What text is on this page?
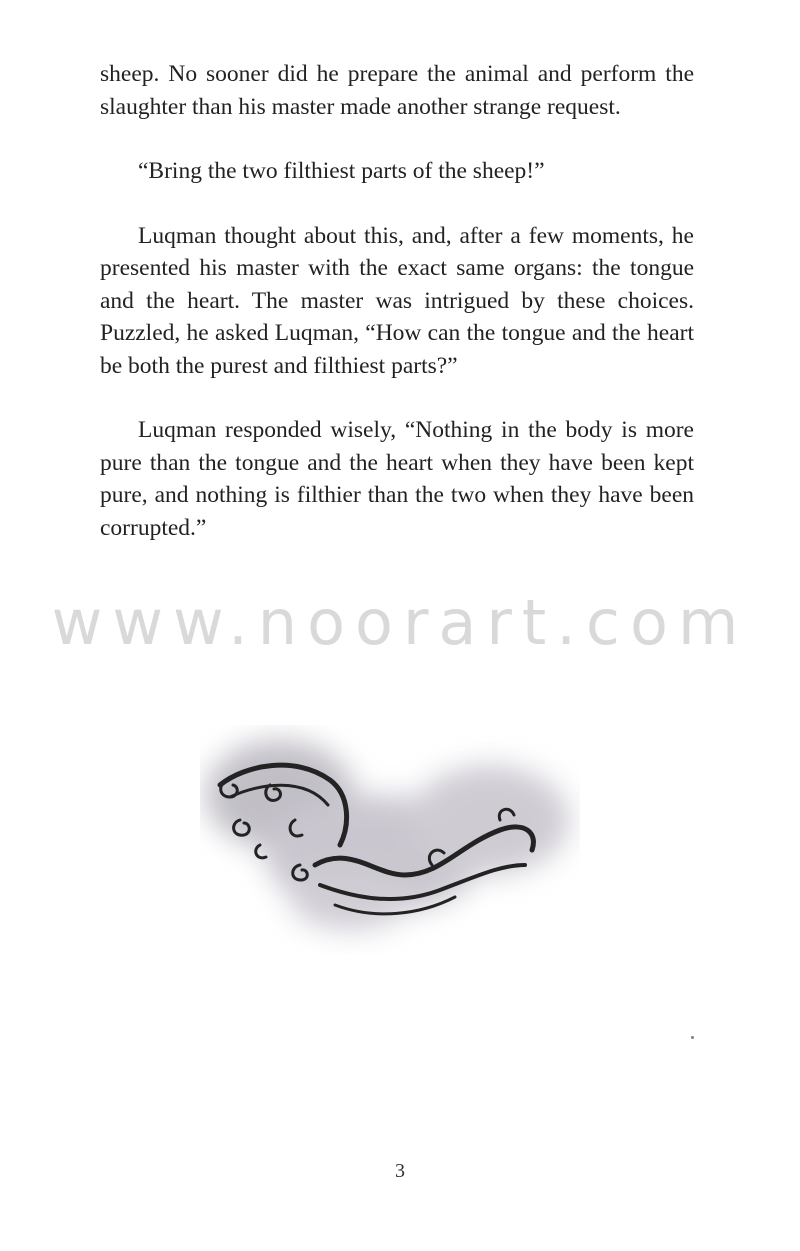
sheep. No sooner did he prepare the animal and perform the slaughter than his master made another strange request.

“Bring the two filthiest parts of the sheep!”

Luqman thought about this, and, after a few moments, he presented his master with the exact same organs: the tongue and the heart. The master was intrigued by these choices. Puzzled, he asked Luqman, “How can the tongue and the heart be both the purest and filthiest parts?”

Luqman responded wisely, “Nothing in the body is more pure than the tongue and the heart when they have been kept pure, and nothing is filthier than the two when they have been corrupted.”

www.noorart.com
3
